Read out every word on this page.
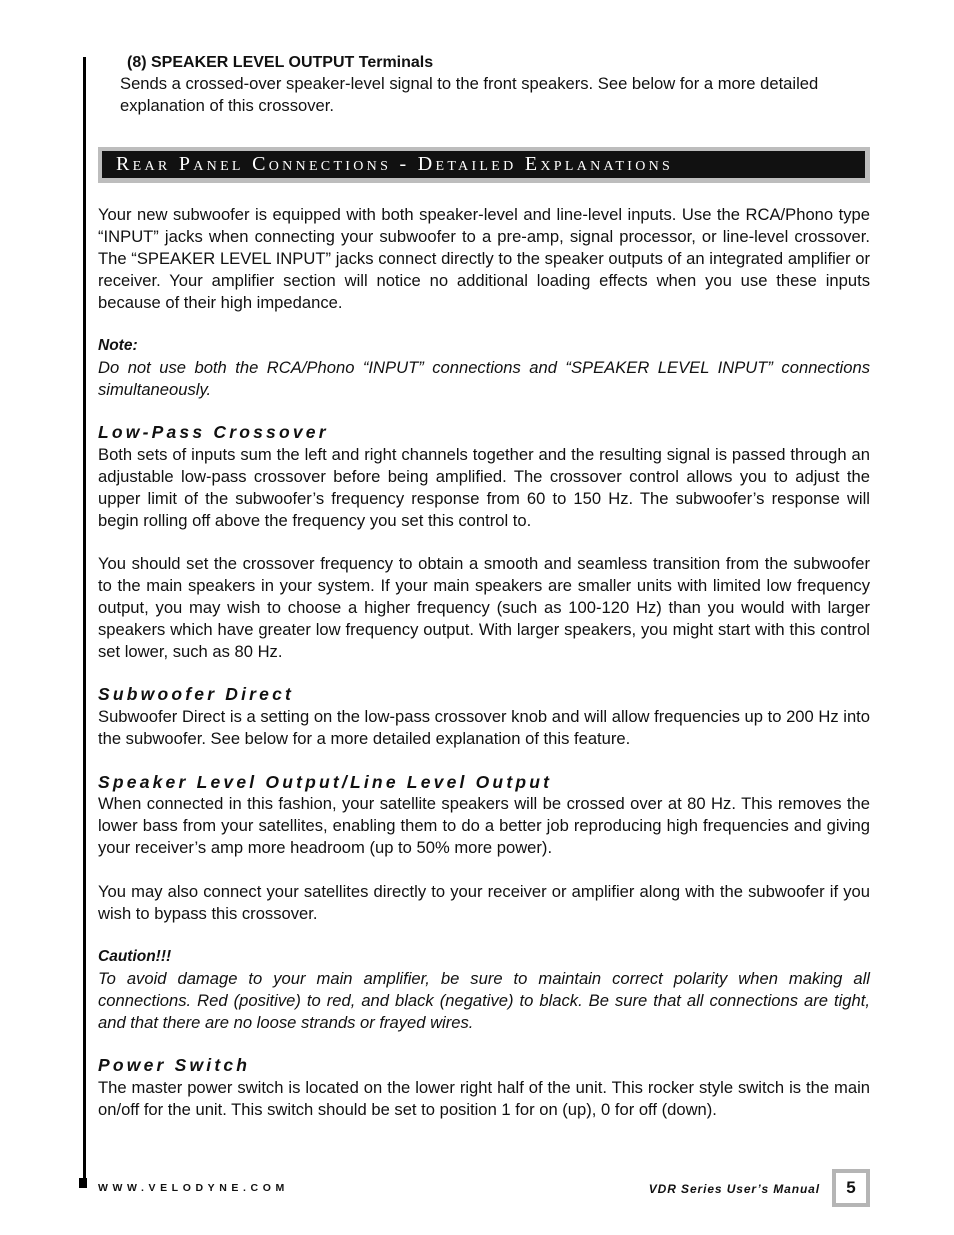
(8) SPEAKER LEVEL OUTPUT Terminals
Sends a crossed-over speaker-level signal to the front speakers. See below for a more detailed explanation of this crossover.
Rear Panel Connections - Detailed Explanations
Your new subwoofer is equipped with both speaker-level and line-level inputs. Use the RCA/Phono type “INPUT” jacks when connecting your subwoofer to a pre-amp, signal processor, or line-level crossover. The “SPEAKER LEVEL INPUT” jacks connect directly to the speaker outputs of an integrated amplifier or receiver. Your amplifier section will notice no additional loading effects when you use these inputs because of their high impedance.
Note:
Do not use both the RCA/Phono “INPUT” connections and “SPEAKER LEVEL INPUT” connections simultaneously.
Low-Pass Crossover
Both sets of inputs sum the left and right channels together and the resulting signal is passed through an adjustable low-pass crossover before being amplified. The crossover control allows you to adjust the upper limit of the subwoofer’s frequency response from 60 to 150 Hz. The subwoofer’s response will begin rolling off above the frequency you set this control to.
You should set the crossover frequency to obtain a smooth and seamless transition from the subwoofer to the main speakers in your system. If your main speakers are smaller units with limited low frequency output, you may wish to choose a higher frequency (such as 100-120 Hz) than you would with larger speakers which have greater low frequency output. With larger speakers, you might start with this control set lower, such as 80 Hz.
Subwoofer Direct
Subwoofer Direct is a setting on the low-pass crossover knob and will allow frequencies up to 200 Hz into the subwoofer. See below for a more detailed explanation of this feature.
Speaker Level Output/Line Level Output
When connected in this fashion, your satellite speakers will be crossed over at 80 Hz. This removes the lower bass from your satellites, enabling them to do a better job reproducing high frequencies and giving your receiver’s amp more headroom (up to 50% more power).
You may also connect your satellites directly to your receiver or amplifier along with the subwoofer if you wish to bypass this crossover.
Caution!!!
To avoid damage to your main amplifier, be sure to maintain correct polarity when making all connections. Red (positive) to red, and black (negative) to black. Be sure that all connections are tight, and that there are no loose strands or frayed wires.
Power Switch
The master power switch is located on the lower right half of the unit. This rocker style switch is the main on/off for the unit. This switch should be set to position 1 for on (up), 0 for off (down).
WWW.VELODYNE.COM	VDR Series User’s Manual	5
